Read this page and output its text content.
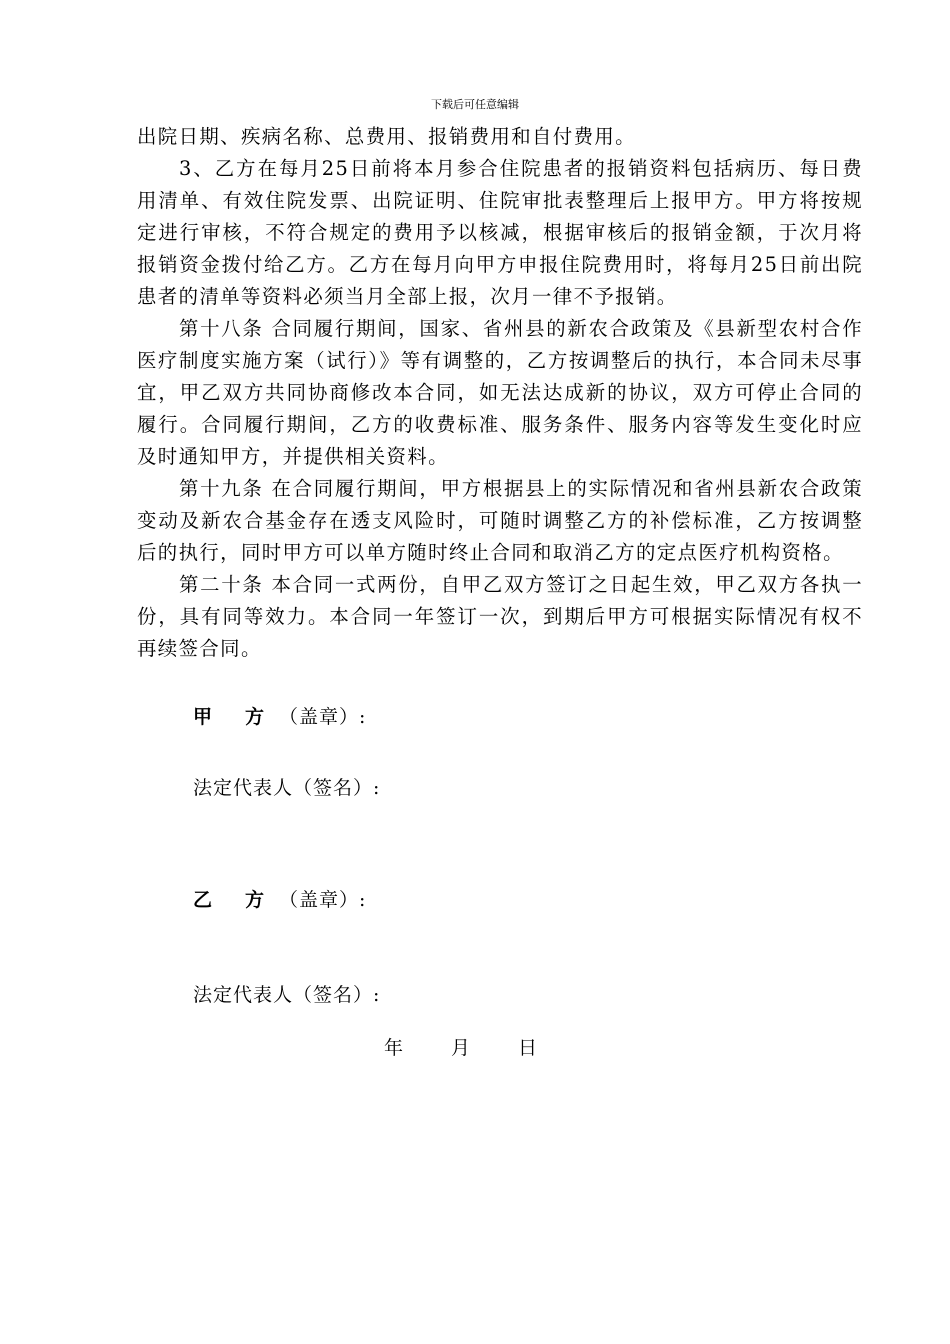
下载后可任意编辑

出院日期、疾病名称、总费用、报销费用和自付费用。

3、乙方在每月25日前将本月参合住院患者的报销资料包括病历、每日费用清单、有效住院发票、出院证明、住院审批表整理后上报甲方。甲方将按规定进行审核，不符合规定的费用予以核减，根据审核后的报销金额，于次月将报销资金拨付给乙方。乙方在每月向甲方申报住院费用时，将每月25日前出院患者的清单等资料必须当月全部上报，次月一律不予报销。

第十八条 合同履行期间，国家、省州县的新农合政策及《县新型农村合作医疗制度实施方案（试行）》等有调整的，乙方按调整后的执行，本合同未尽事宜，甲乙双方共同协商修改本合同，如无法达成新的协议，双方可停止合同的履行。合同履行期间，乙方的收费标准、服务条件、服务内容等发生变化时应及时通知甲方，并提供相关资料。

第十九条 在合同履行期间，甲方根据县上的实际情况和省州县新农合政策变动及新农合基金存在透支风险时，可随时调整乙方的补偿标准，乙方按调整后的执行，同时甲方可以单方随时终止合同和取消乙方的定点医疗机构资格。

第二十条 本合同一式两份，自甲乙双方签订之日起生效，甲乙双方各执一份，具有同等效力。本合同一年签订一次，到期后甲方可根据实际情况有权不再续签合同。

甲 方 （盖章）:
法定代表人（签名）:
乙 方 （盖章）:
法定代表人（签名）:
年	月	日
